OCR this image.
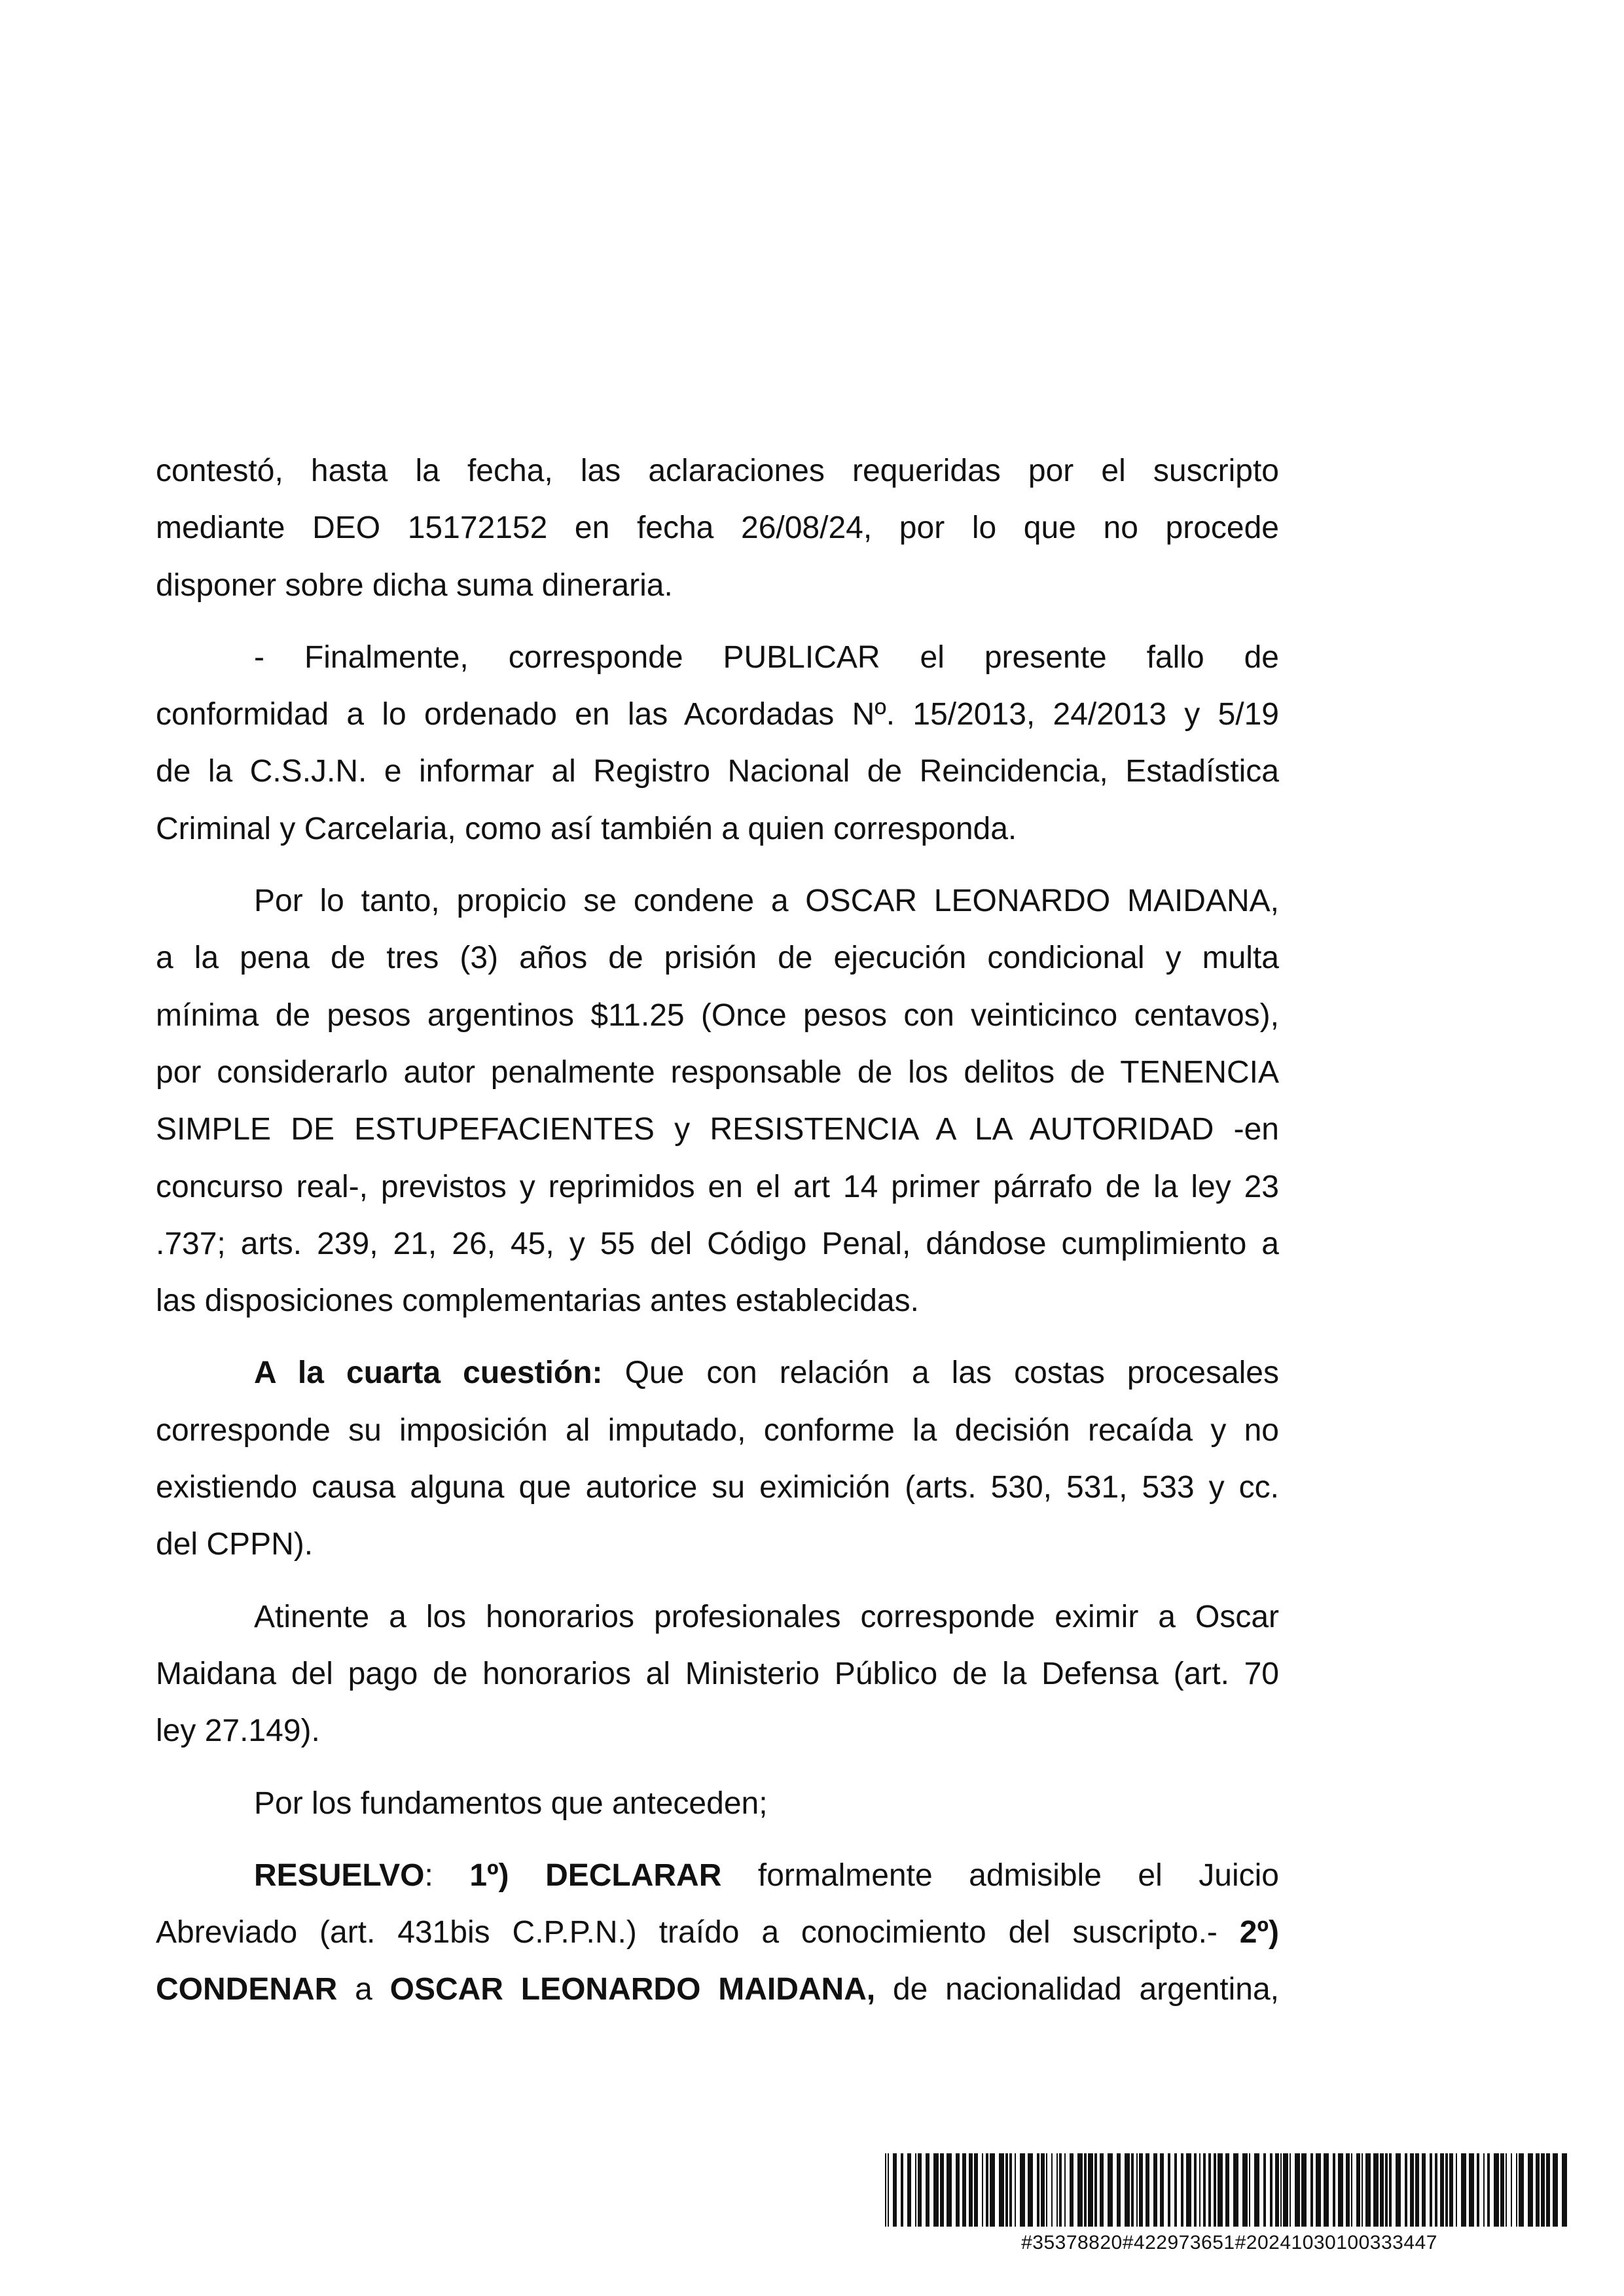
contestó, hasta la fecha, las aclaraciones requeridas por el suscripto
mediante DEO 15172152 en fecha 26/08/24, por lo que no procede
disponer sobre dicha suma dineraria.
- Finalmente, corresponde PUBLICAR el presente fallo de
conformidad a lo ordenado en las Acordadas Nº. 15/2013, 24/2013 y 5/19
de la C.S.J.N. e informar al Registro Nacional de Reincidencia, Estadística
Criminal y Carcelaria, como así también a quien corresponda.
Por lo tanto, propicio se condene a OSCAR LEONARDO MAIDANA,
a la pena de tres (3) años de prisión de ejecución condicional y multa
mínima de pesos argentinos $11.25 (Once pesos con veinticinco centavos),
por considerarlo autor penalmente responsable de los delitos de TENENCIA
SIMPLE DE ESTUPEFACIENTES y RESISTENCIA A LA AUTORIDAD -en
concurso real-, previstos y reprimidos en el art 14 primer párrafo de la ley 23
.737; arts. 239, 21, 26, 45, y 55 del Código Penal, dándose cumplimiento a
las disposiciones complementarias antes establecidas.
A la cuarta cuestión: Que con relación a las costas procesales
corresponde su imposición al imputado, conforme la decisión recaída y no
existiendo causa alguna que autorice su eximición (arts. 530, 531, 533 y cc.
del CPPN).
Atinente a los honorarios profesionales corresponde eximir a Oscar
Maidana del pago de honorarios al Ministerio Público de la Defensa (art. 70
ley 27.149).
Por los fundamentos que anteceden;
RESUELVO: 1º) DECLARAR formalmente admisible el Juicio
Abreviado (art. 431bis C.P.P.N.) traído a conocimiento del suscripto.- 2º)
CONDENAR a OSCAR LEONARDO MAIDANA, de nacionalidad argentina,
#35378820#422973651#20241030100333447
